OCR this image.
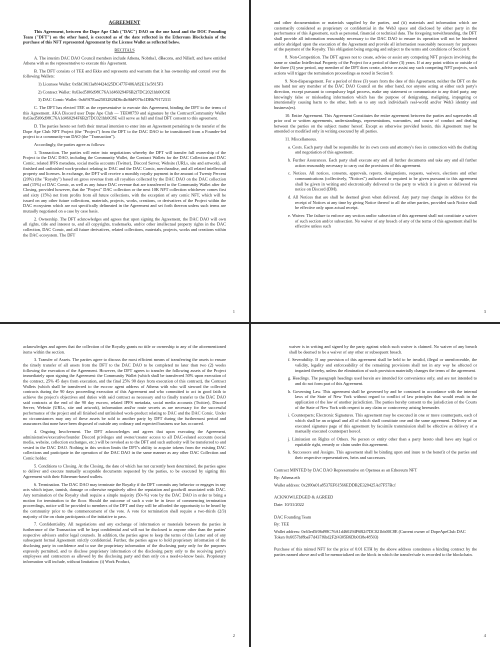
AGREEMENT

This Agreement, between the Dope Ape Club ("DAC") DAO on the one hand and the DOC Founding Team ("DFT") on the other hand, is executed as of the date reflected in the Ethereum Blockchain of the purchase of this NFT represented Agreement by the License Wallet as reflected below.

RECITALS

A. The interim DAC DAO Council members include Athena, Nobtha1, dBacons, and Nillaff, and have entitled Athena with as the representative to execute this Agreement.

B. The DFT consists of TEE and Ekko and represents and warrants that it has ownership and control over the following Wallets:

1) Licensee Wallet: 0x6bC0613a8f4424d25DC477F406A82E11e5815F3

2) Contract Wallet: 0x63ed5f06d98C76A1d460294F6B2f7DC2021bb00C8E

3) DAC Comic Wallet: 0x6f9f7Eaa25032826D6c4bf6bF076c1DBb79172311

C. The DFT has elected TEE as the representative to execute this Agreement, binding the DFT to the terms of this Agreement. AKA Discord user Dope Ape Club — TEE#8759 and signature by the Contract/Community Wallet 0x63ed5f06d98C76A1d460294F6B2f7DC021bb0C8E will serve as full and final DFT consent to this agreement.

D. The parties hereto set forth their mutual intention to enter into an Agreement pertaining to the transfer of the Dope Ape Club NFT Project (the "Project") from the DFT to the DAC DAO to be transitioned from a Founder-led project to a community-run DAO (the "Transaction").

Accordingly, the parties agree as follows:

1. Transaction. The parties will enter into negotiations whereby the DFT will transfer full ownership of the Project to the DAC DAO, including the Community Wallet, the Contract Wallets for the DAC Collection and DAC Comic, related IPFS metadata, social media accounts (Twitter), Discord Server, Website (URLs, site and artwork), all finished and unfinished work-product relating to DAC and the DAC Comic, merchandise, and all related intellectual property and licenses. In exchange, the DFT will receive a monthly royalty payment in the amount of Twenty Percent (20%) (the "Royalty") based on gross revenue from all royalties collected by the DAC DAO on the DAC collection and (15%) of DAC Comic, as well as any future DAC revenue that are transferred to the Community Wallet after the Closing, provided however, that the "Project" DAC collection or the next 10K NFT collection whichever comes first and sixty (15%) net from profits from all future collections, with the exception of any comic NFT, which will be issued on any other future collections, materials, projects, works, creations, or derivatives of the Project within the DAC ecosystem which are not specifically delineated in the Agreement and set forth thereon unless such terms are mutually negotiated on a case by case basis.

2. Ownership. The DFT acknowledges and agrees that upon signing the Agreement, the DAC DAO will own all rights, title and interest to, and all copyrights, trademarks, and/or other intellectual property rights in the DAC collection, DAC Comic, and all future derivatives, related collections, materials, projects, works and creations within the DAC ecosystem. The DFT

1

and other documentation or materials supplied by the parties, and (ii) materials and information which are customarily considered as proprietary or confidential in the Web3 space and disclosed by either party in the performance of this Agreement, such as personal, financial or technical data. The foregoing notwithstanding, the DFT shall provide all information reasonably necessary to the DAC DAO to ensure its operation will not be hindered and/or abridged upon the execution of the Agreement and provide all information reasonably necessary for purposes of the payment of the Royalty. This obligation being ongoing and subject to the terms and conditions of Section 8.

8. Non-Competition. The DFT agrees not to create, advise or assist any competing NFT projects involving the same or similar Intellectual Property of the Project for a period of three (3) years. If at any point within or outside of the three (3) year period, any member of the DFT does create, advise or assist any such competing NFT projects, such actions will trigger the termination proceedings as noted in Section 9.

9. Non-disparagement. For a period of three (3) years from the date of this Agreement, neither the DFT on the one hand nor any member of the DAC DAO Council on the other hand, nor anyone acting at either such party's direction, except pursuant to compulsory legal process, make any statement or communicate to any third party, any knowingly false or misleading information which has the purpose of denigrating, maligning, impugning or intentionally causing harm to the other, both as to any such individual's real-world and/or Web3 identity and business(es).

10. Entire Agreement. This Agreement Constitutes the entire agreement between the parties and supersedes all prior oral or written agreements, understandings, representations, warranties, and course of conduct and dealing between the parties on the subject matter hereof. Except as otherwise provided herein, this Agreement may be amended or modified only in writing executed by all parties.

11. Miscellaneous.

a. Costs. Each party shall be responsible for its own costs and attorney's fees in connection with the drafting and negotiation of this agreement.

b. Further Assurances. Each party shall execute any and all further documents and take any and all further action reasonably necessary to carry out the provisions of this agreement.

c. Notices. All notices, consents, approvals, reports, designations, requests, waivers, elections and other communications (collectively, "Notices") authorized or required to be given pursuant to this agreement shall be given in writing and electronically delivered to the party to which it is given or delivered via notice on Discord (DM).

d. All Notices that are shall be deemed given when delivered. Any party may change its address for the receipt of Notices at any time by giving Notice thereof to all the other parties, provided such Notice shall be effective only upon actual receipt.

e. Waiver. The failure to enforce any section and/or subsection of this agreement shall not constitute a waiver of such section and/or subsection. No waiver of any breach of any of the terms of this agreement shall be effective unless such

3

acknowledges and agrees that the collection of the Royalty grants no title or ownership to any of the aforementioned items within the section.

3. Transfer of Assets. The parties agree to discuss the most efficient means of transferring the assets to ensure the timely transfer of all assets from the DFT to the DAC DAO to be completed no later than two (2) weeks following the execution of the Agreement. However, the DFT agrees to transfer the following assets of the Project immediately upon signing the Agreement: the Community Wallet (which shall be transferred 50% upon execution of the contract, 25% 45 days from execution, and the final 25% 90 days from execution of this contract), the Contract Wallets (which shall be transferred to the escrow agent address of Athena with who will steward the collected contracts during the 90 days proceeding execution of this Agreement and who committed to act in good faith to achieve the project's objectives and duties with said contract as necessary and to finally transfer to the DAC DAO said contracts at the end of the 90 day escrow, related IPFS metadata, social media accounts (Twitter), Discord Server, Website (URLs, site and artwork), information and/or route secrets as are necessary for the successful performance of the project and all finished and unfinished work-product relating to DAC and the DAC Comic. Under no circumstances may any of these assets be sold to another party by DFT during the furthermost period and assurances that none have been disposed of outside any ordinary and expected business use has occurred.

4. Ongoing Involvement. The DFT acknowledges and agrees that upon executing the Agreement, administrative/executive/founder Discord privileges and owner/creator access to all DAC-related accounts (social media, website, collection exchanges, etc.) will be revoked as to the DFT and such authority will be transferred to and vested in the DAC DAO. Nothing in this section limits the DFT's ability to acquire tokens from the existing DAC collections and participate in the operation of the DAC DAO in the same manner as any other DAC Collection and Comic holder.

5. Conditions to Closing. At the Closing, the date of which has not currently been determined, the parties agree to deliver and execute mutually acceptable documents requested by the parties, to be executed by signing this Agreement with their Ethereum-based wallets.

6. Termination. The DAC DAO may terminate the Royalty if the DFT commits any behavior or engages in any acts which injure, tarnish, damage or otherwise negatively affect the reputation and goodwill associated with DAC. Any termination of the Royalty shall require a simple majority (50+%) vote by the DAC DAO in order to bring a motion for termination to the floor. Should the outcome of such a vote be in favor of commencing termination proceedings, notice will be provided to members of the DFT and they will be afforded the opportunity to be heard by the community prior to the commencement of the vote. A vote for termination shall require a two-thirds (2/3) majority of the on chain participants of the initiative to pass.

7. Confidentiality. All negotiations and any exchange of information or materials between the parties in furtherance of the Transaction will be kept confidential and will not be disclosed to anyone other than the parties' respective advisors and/or legal counsels. In addition, the parties agree to keep the terms of this Letter and of any subsequent formal Agreement strictly confidential. Further, the parties agree to hold proprietary information of the disclosing party in confidence and to use the proprietary information of the disclosing party only for the purposes expressly permitted, and to disclose proprietary information of the disclosing party only to the receiving party's employees and contractors as allowed by the disclosing party and then only on a need-to-know basis. Proprietary information will include, without limitation: (i) Work Product,

2

waiver is in writing and signed by the party against which such waiver is claimed. No waiver of any breach shall be deemed to be a waiver of any other or subsequent breach.

f. Severability. If any provision of this agreement shall be held to be invalid, illegal or unenforceable, the validity, legality and enforceability of the remaining provisions shall not in any way be affected or impaired thereby, unless the elimination of such provision materially changes the terms of the agreement.

g. Headings. The paragraph headings used herein are intended for convenience only, and are not intended to and do not form part of this Agreement.

h. Governing Law. This agreement shall be governed by and be construed in accordance with the internal laws of the State of New York without regard to conflict of law principles that would result in the application of the law of another jurisdiction. The parties hereby consent to the jurisdiction of the Courts of the State of New York with respect to any claim or controversy arising hereunder.

i. Counterparts; Electronic Signatures. This agreement may be executed in one or more counterparts, each of which shall be an original and all of which shall constitute one and the same agreement. Delivery of an executed signature page of this agreement by facsimile transmission shall be effective as delivery of a manually executed counterpart hereof.

j. Limitation on Rights of Others. No person or entity other than a party hereto shall have any legal or equitable right, remedy or claim under this agreement.

k. Successors and Assigns. This agreement shall be binding upon and inure to the benefit of the parties and their respective representatives, heirs and successors.

Contract MINTED by DAC DAO Representative on Opensea as an Ethereum NFT

By: Athena.eth

Wallet address: 0x2f00a01a8537EF61566EDDB2E320425Ad7F57Bcf

ACKNOWLEDGED & AGREED

Date: 10/31/2022

DAC Founding Team

By: TEE

Wallet address: 0x63ed5f06d98C76A1d460294F6B2f7DC021bb00C8E (Current owner of DopeApeClub DAC Token 0x6657bf8baF7d437f6bd2F2f4305B6Db0f38e48503)

Purchase of this minted NFT for the price of 0.01 ETH by the above address constitutes a binding contract by the parties named above and will be memorialized on the block in which the transfer/sale is recorded to the blockchain.

4
